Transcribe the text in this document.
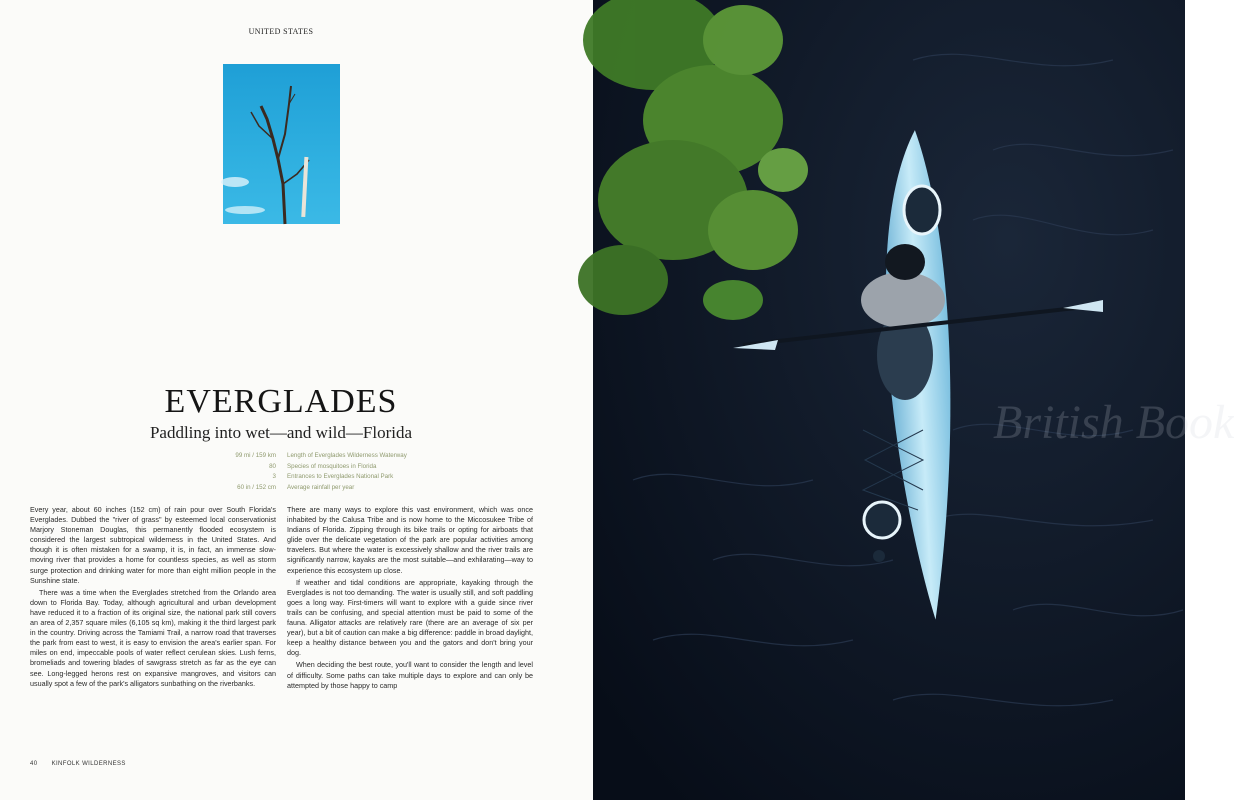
UNITED STATES
EVERGLADES
Paddling into wet—and wild—Florida
99 mi / 159 km	Length of Everglades Wilderness Waterway
80	Species of mosquitoes in Florida
3	Entrances to Everglades National Park
60 in / 152 cm	Average rainfall per year

Every year, about 60 inches (152 cm) of rain pour over South Florida's Everglades. Dubbed the "river of grass" by esteemed local conservationist Marjory Stoneman Douglas, this permanently flooded ecosystem is considered the largest subtropical wilderness in the United States. And though it is often mistaken for a swamp, it is, in fact, an immense slow-moving river that provides a home for countless species, as well as storm surge protection and drinking water for more than eight million people in the Sunshine state.

There was a time when the Everglades stretched from the Orlando area down to Florida Bay. Today, although agricultural and urban development have reduced it to a fraction of its original size, the national park still covers an area of 2,357 square miles (6,105 sq km), making it the third largest park in the country. Driving across the Tamiami Trail, a narrow road that traverses the park from east to west, it is easy to envision the area's earlier span. For miles on end, impeccable pools of water reflect cerulean skies. Lush ferns, bromeliads and towering blades of sawgrass stretch as far as the eye can see. Long-legged herons rest on expansive mangroves, and visitors can usually spot a few of the park's alligators sunbathing on the riverbanks.

There are many ways to explore this vast environment, which was once inhabited by the Calusa Tribe and is now home to the Miccosukee Tribe of Indians of Florida. Zipping through its bike trails or opting for airboats that glide over the delicate vegetation of the park are popular activities among travelers. But where the water is excessively shallow and the river trails are significantly narrow, kayaks are the most suitable—and exhilarating—way to experience this ecosystem up close.

If weather and tidal conditions are appropriate, kayaking through the Everglades is not too demanding. The water is usually still, and soft paddling goes a long way. First-timers will want to explore with a guide since river trails can be confusing, and special attention must be paid to some of the fauna. Alligator attacks are relatively rare (there are an average of six per year), but a bit of caution can make a big difference: paddle in broad daylight, keep a healthy distance between you and the gators and don't bring your dog.

When deciding the best route, you'll want to consider the length and level of difficulty. Some paths can take multiple days to explore and can only be attempted by those happy to camp

40 KINFOLK WILDERNESS
British Book
